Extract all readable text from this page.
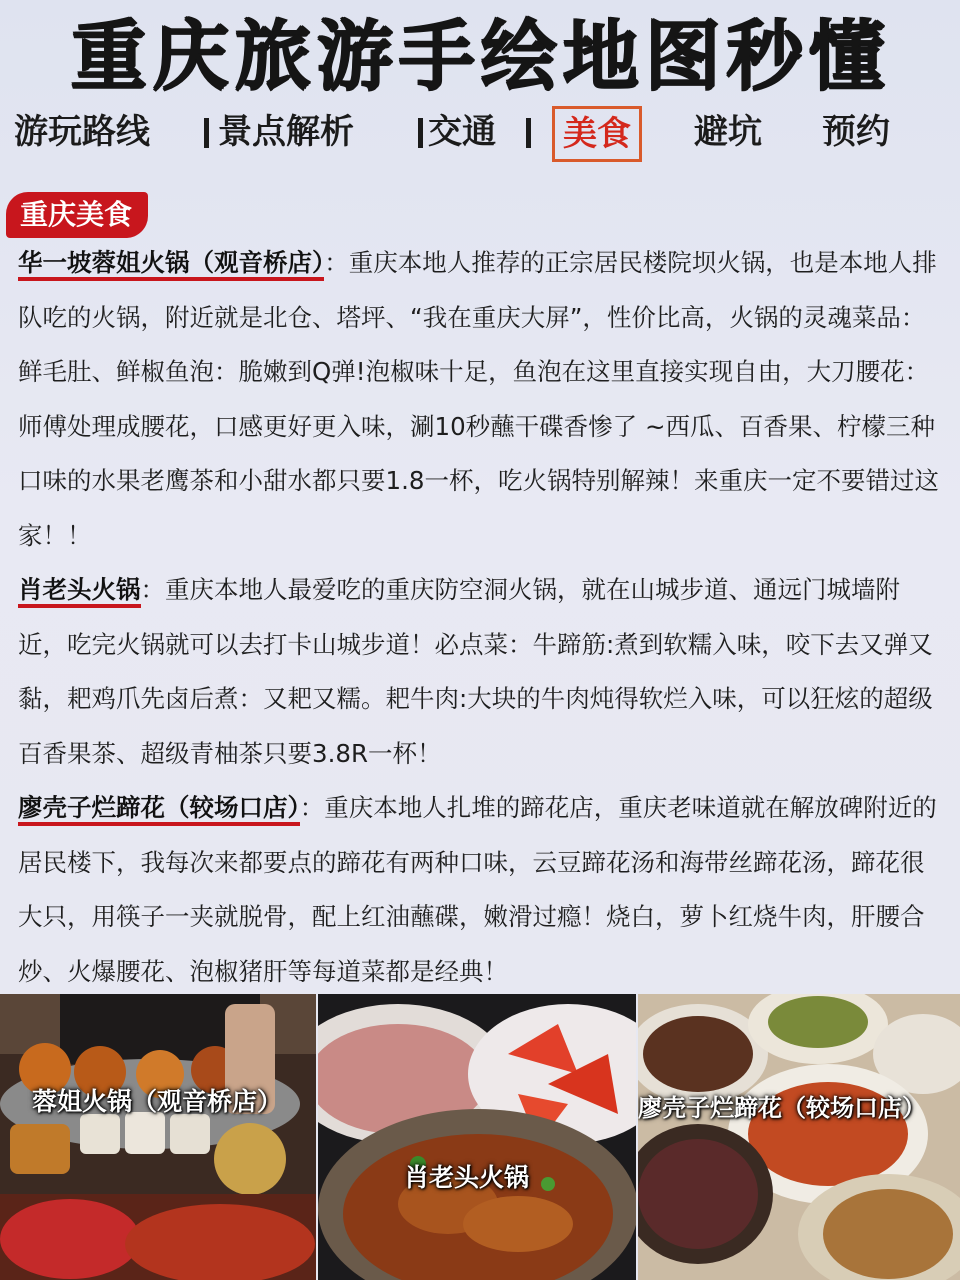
重庆旅游手绘地图秒懂
游玩路线 景点解析 交通	美食	避坑 预约
重庆美食

华一坡蓉姐火锅（观音桥店）：重庆本地人推荐的正宗居民楼院坝火锅，也是本地人排队吃的火锅，附近就是北仓、塔坪、“我在重庆大屏”，性价比高，火锅的灵魂菜品：鲜毛肚、鲜椒鱼泡：脆嫩到Q弹!泡椒味十足，鱼泡在这里直接实现自由，大刀腰花：师傅处理成腰花，口感更好更入味，涮10秒蘸干碟香惨了 ~西瓜、百香果、柠檬三种口味的水果老鹰茶和小甜水都只要1.8一杯，吃火锅特别解辣！来重庆一定不要错过这家！！

肖老头火锅：重庆本地人最爱吃的重庆防空洞火锅，就在山城步道、通远门城墙附近，吃完火锅就可以去打卡山城步道！必点菜：牛蹄筋:煮到软糯入味，咬下去又弹又黏，耙鸡爪先卤后煮：又耙又糯。耙牛肉:大块的牛肉炖得软烂入味，可以狂炫的超级百香果茶、超级青柚茶只要3.8R一杯！

廖壳子烂蹄花（较场口店）：重庆本地人扎堆的蹄花店，重庆老味道就在解放碑附近的居民楼下，我每次来都要点的蹄花有两种口味，云豆蹄花汤和海带丝蹄花汤，蹄花很大只，用筷子一夹就脱骨，配上红油蘸碟，嫩滑过瘾！烧白，萝卜红烧牛肉，肝腰合炒、火爆腰花、泡椒猪肝等每道菜都是经典！

蓉姐火锅（观音桥店）
肖老头火锅
廖壳子烂蹄花（较场口店）
